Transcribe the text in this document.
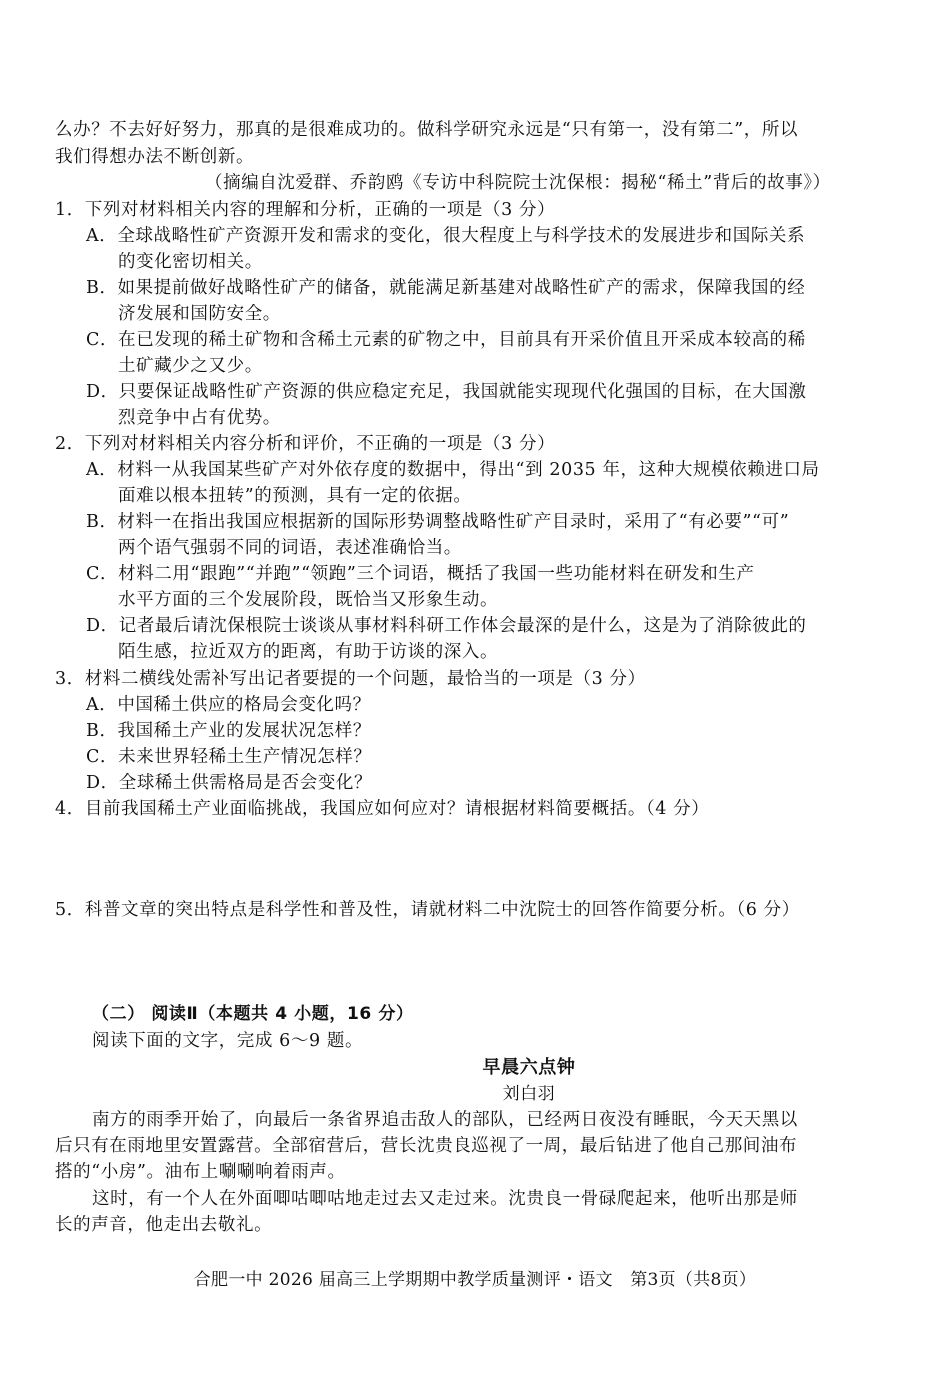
么办？不去好好努力，那真的是很难成功的。做科学研究永远是“只有第一，没有第二”，所以
我们得想办法不断创新。
（摘编自沈爱群、乔韵鸥《专访中科院院士沈保根：揭秘“稀土”背后的故事》）
1．下列对材料相关内容的理解和分析，正确的一项是（3 分）
A．全球战略性矿产资源开发和需求的变化，很大程度上与科学技术的发展进步和国际关系
的变化密切相关。
B．如果提前做好战略性矿产的储备，就能满足新基建对战略性矿产的需求，保障我国的经
济发展和国防安全。
C．在已发现的稀土矿物和含稀土元素的矿物之中，目前具有开采价值且开采成本较高的稀
土矿藏少之又少。
D．只要保证战略性矿产资源的供应稳定充足，我国就能实现现代化强国的目标，在大国激
烈竞争中占有优势。
2．下列对材料相关内容分析和评价，不正确的一项是（3 分）
A．材料一从我国某些矿产对外依存度的数据中，得出“到 2035 年，这种大规模依赖进口局
面难以根本扭转”的预测，具有一定的依据。
B．材料一在指出我国应根据新的国际形势调整战略性矿产目录时，采用了“有必要”“可”
两个语气强弱不同的词语，表述准确恰当。
C．材料二用“跟跑”“并跑”“领跑”三个词语，概括了我国一些功能材料在研发和生产
水平方面的三个发展阶段，既恰当又形象生动。
D．记者最后请沈保根院士谈谈从事材料科研工作体会最深的是什么，这是为了消除彼此的
陌生感，拉近双方的距离，有助于访谈的深入。
3．材料二横线处需补写出记者要提的一个问题，最恰当的一项是（3 分）
A．中国稀土供应的格局会变化吗？
B．我国稀土产业的发展状况怎样？
C．未来世界轻稀土生产情况怎样？
D．全球稀土供需格局是否会变化？
4．目前我国稀土产业面临挑战，我国应如何应对？请根据材料简要概括。（4 分）
5．科普文章的突出特点是科学性和普及性，请就材料二中沈院士的回答作简要分析。（6 分）
（二） 阅读Ⅱ（本题共 4 小题，16 分）
阅读下面的文字，完成 6～9 题。
早晨六点钟
刘白羽
南方的雨季开始了，向最后一条省界追击敌人的部队，已经两日夜没有睡眠，今天天黑以
后只有在雨地里安置露营。全部宿营后，营长沈贵良巡视了一周，最后钻进了他自己那间油布
搭的“小房”。油布上唰唰响着雨声。
这时，有一个人在外面唧咕唧咕地走过去又走过来。沈贵良一骨碌爬起来，他听出那是师
长的声音，他走出去敬礼。
合肥一中 2026 届高三上学期期中教学质量测评・语文　第3页（共8页）
